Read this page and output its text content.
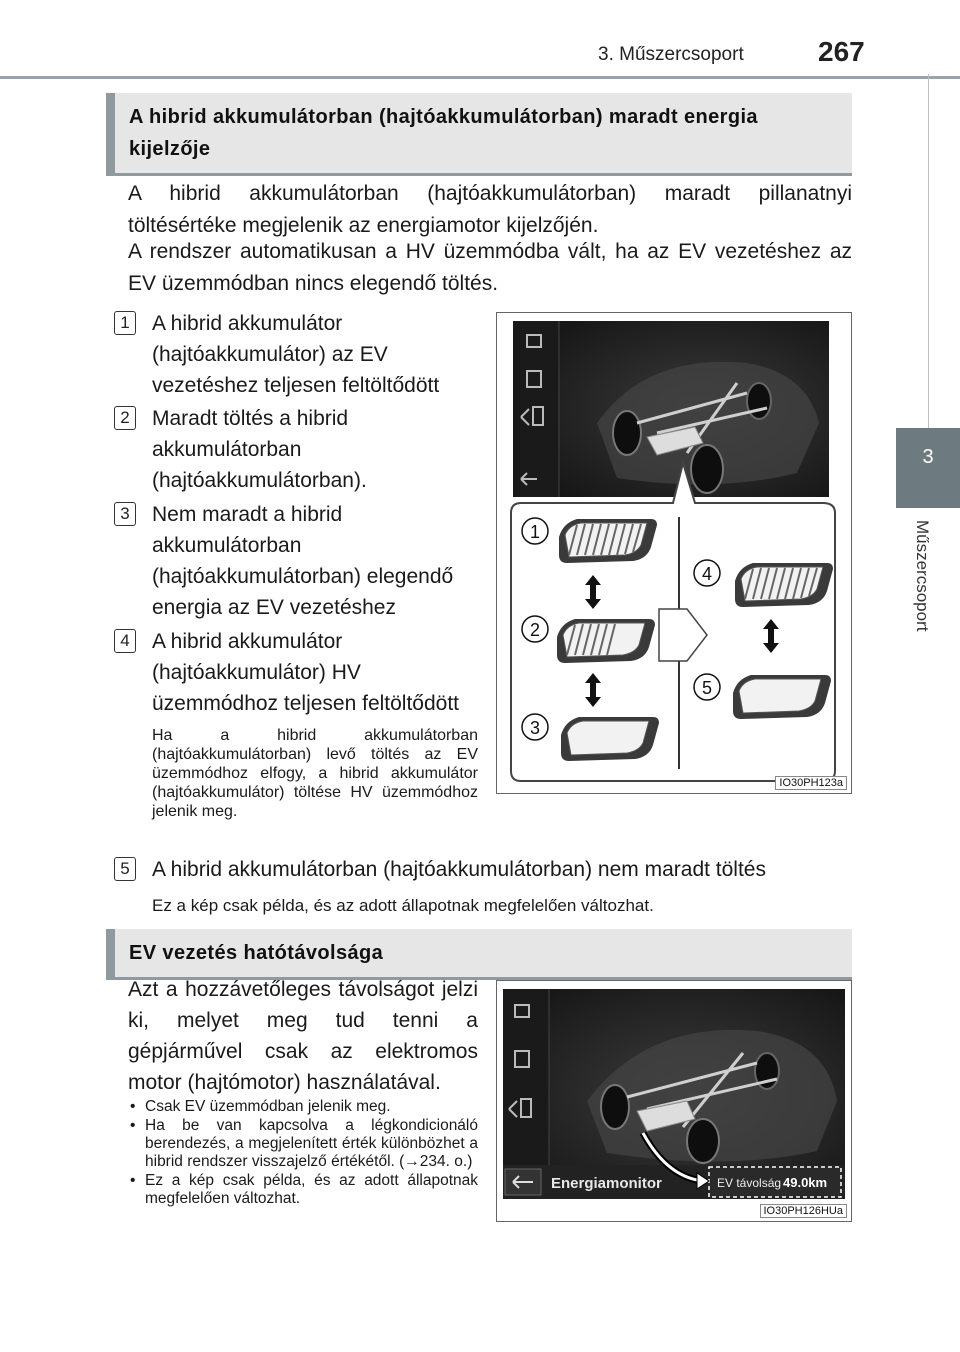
3. Műszercsoport	267
3
Műszercsoport
A hibrid akkumulátorban (hajtóakkumulátorban) maradt energia kijelzője
A hibrid akkumulátorban (hajtóakkumulátorban) maradt pillanatnyi töltésértéke megjelenik az energiamotor kijelzőjén.
A rendszer automatikusan a HV üzemmódba vált, ha az EV vezetéshez az EV üzemmódban nincs elegendő töltés.
1 A hibrid akkumulátor (hajtóakkumulátor) az EV vezetéshez teljesen feltöltődött
2 Maradt töltés a hibrid akkumulátorban (hajtóakkumulátorban).
3 Nem maradt a hibrid akkumulátorban (hajtóakkumulátorban) elegendő energia az EV vezetéshez
4 A hibrid akkumulátor (hajtóakkumulátor) HV üzemmódhoz teljesen feltöltődött
Ha a hibrid akkumulátorban (hajtóakkumulátorban) levő töltés az EV üzemmódhoz elfogy, a hibrid akkumulátor (hajtóakkumulátor) töltése HV üzemmódhoz jelenik meg.
5 A hibrid akkumulátorban (hajtóakkumulátorban) nem maradt töltés
Ez a kép csak példa, és az adott állapotnak megfelelően változhat.
1
2
3
4
5
IO30PH123a
EV vezetés hatótávolsága
Azt a hozzávetőleges távolságot jelzi ki, melyet meg tud tenni a gépjárművel csak az elektromos motor (hajtómotor) használatával.
• Csak EV üzemmódban jelenik meg.
• Ha be van kapcsolva a légkondicionáló berendezés, a megjelenített érték különbözhet a hibrid rendszer visszajelző értékétől. (→234. o.)
• Ez a kép csak példa, és az adott állapotnak megfelelően változhat.
Energiamonitor	EV távolság 49.0km
IO30PH126HUa
